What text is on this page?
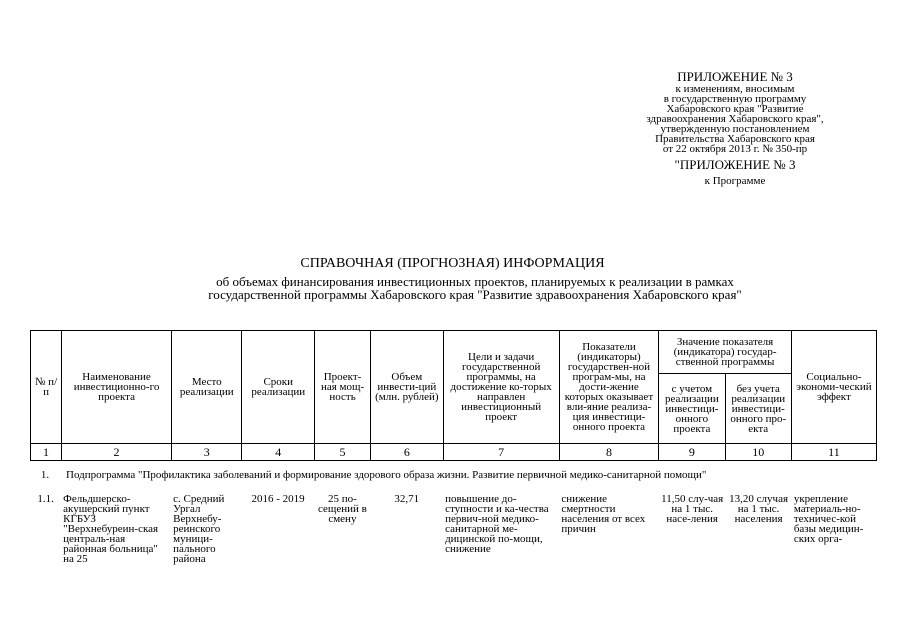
ПРИЛОЖЕНИЕ № 3
к изменениям, вносимым
в государственную программу
Хабаровского края "Развитие
здравоохранения Хабаровского края",
утвержденную постановлением
Правительства Хабаровского края
от 22 октября 2013 г. № 350-пр
"ПРИЛОЖЕНИЕ № 3
к Программе
СПРАВОЧНАЯ (ПРОГНОЗНАЯ) ИНФОРМАЦИЯ
об объемах финансирования инвестиционных проектов, планируемых к реализации в рамках
государственной программы Хабаровского края "Развитие здравоохранения Хабаровского края"
№ п/п	Наименование инвестиционно-го проекта	Место реализации	Сроки реализации	Проект-ная мощ-ность	Объем инвести-ций (млн. рублей)	Цели и задачи государственной программы, на достижение ко-торых направлен инвестиционный проект	Показатели (индикаторы) государствен-ной програм-мы, на дости-жение которых оказывает вли-яние реализа-ция инвестици-онного проекта	Значение показателя (индикатора) государ-ственной программы		Социально-экономи-ческий эффект
								с учетом реализации инвестици-онного проекта	без учета реализации инвестици-онного про-екта	
1	2	3	4	5	6	7	8	9	10	11
1.	Подпрограмма "Профилактика заболеваний и формирование здорового образа жизни. Развитие первичной медико-санитарной помощи"
1.1.	Фельдшерско-акушерский пункт КГБУЗ "Верхнебуреин-ская централь-ная районная больница" на 25	с. Средний Ургал Верхнебу-реинского муници-пального района	2016 - 2019	25 по-сещений в смену	32,71	повышение до-ступности и ка-чества первич-ной медико-санитарной ме-дицинской по-мощи, снижение	снижение смертности населения от всех причин	11,50 слу-чая на 1 тыс. насе-ления	13,20 случая на 1 тыс. населения	укрепление материаль-но-техничес-кой базы медицин-ских орга-
